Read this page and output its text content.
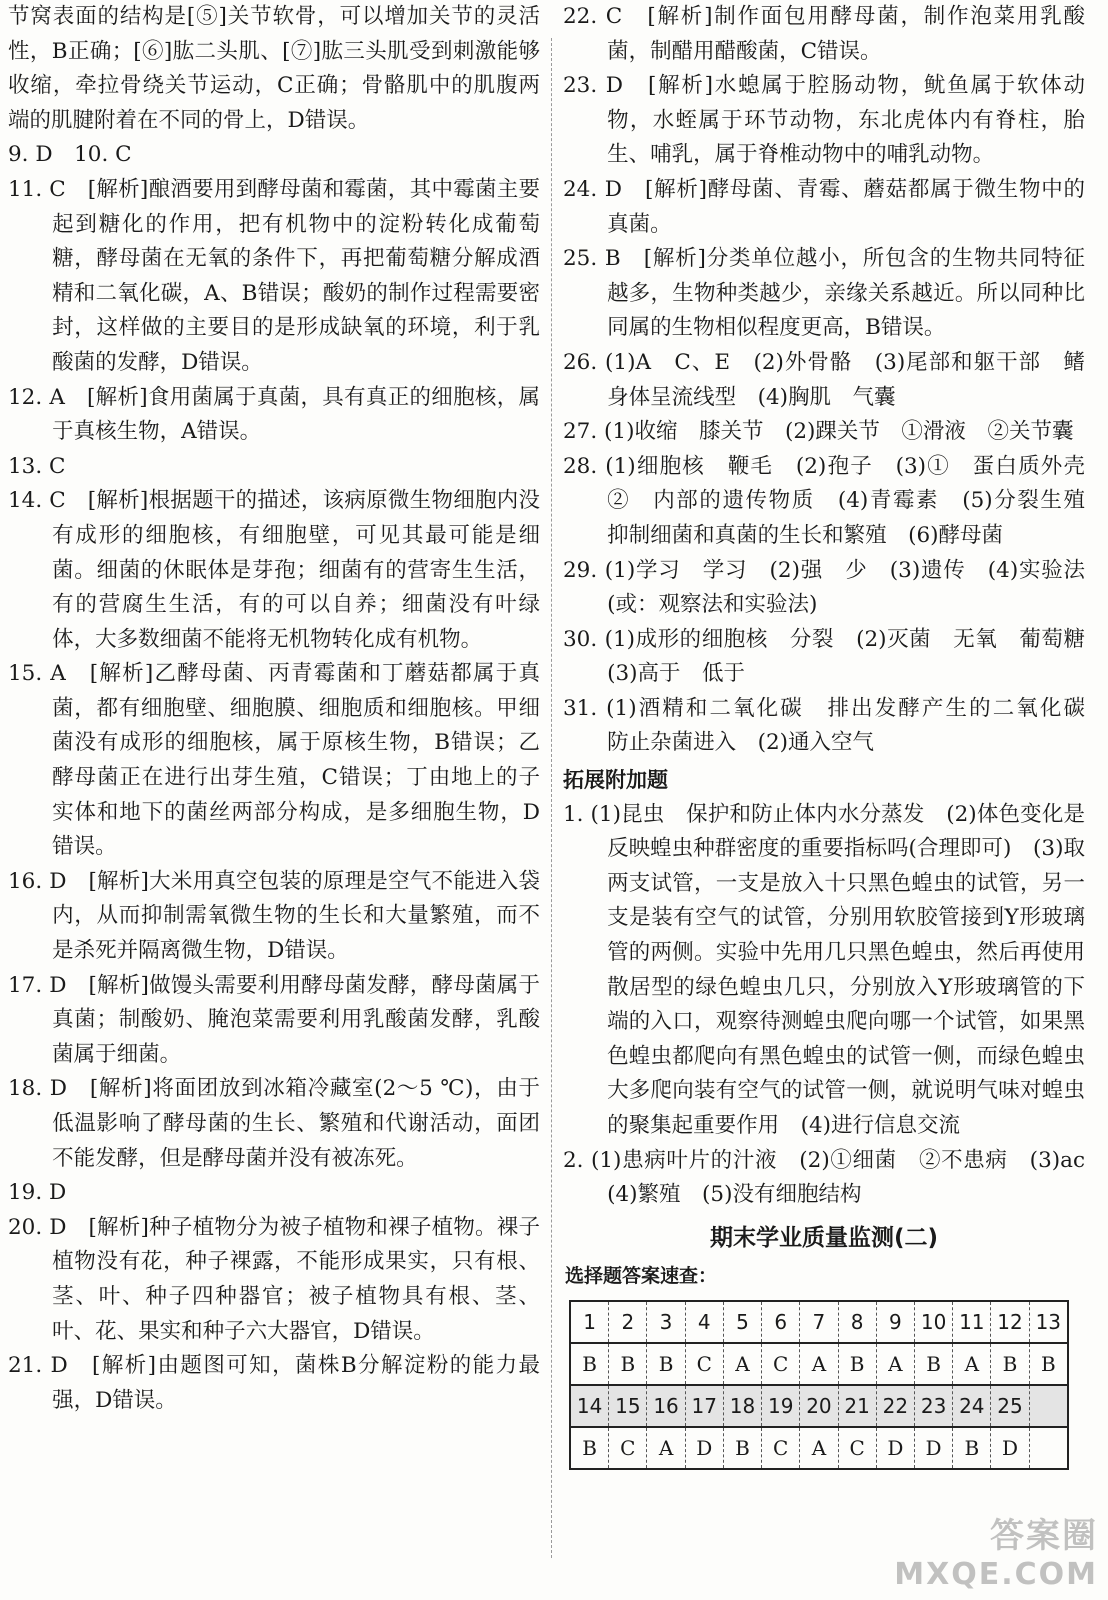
节窝表面的结构是[⑤]关节软骨，可以增加关节的灵活性，B正确；[⑥]肱二头肌、[⑦]肱三头肌受到刺激能够收缩，牵拉骨绕关节运动，C正确；骨骼肌中的肌腹两端的肌腱附着在不同的骨上，D错误。

9. D　10. C

11. C　[解析]酿酒要用到酵母菌和霉菌，其中霉菌主要起到糖化的作用，把有机物中的淀粉转化成葡萄糖，酵母菌在无氧的条件下，再把葡萄糖分解成酒精和二氧化碳，A、B错误；酸奶的制作过程需要密封，这样做的主要目的是形成缺氧的环境，利于乳酸菌的发酵，D错误。

12. A　[解析]食用菌属于真菌，具有真正的细胞核，属于真核生物，A错误。

13. C

14. C　[解析]根据题干的描述，该病原微生物细胞内没有成形的细胞核，有细胞壁，可见其最可能是细菌。细菌的休眠体是芽孢；细菌有的营寄生生活，有的营腐生生活，有的可以自养；细菌没有叶绿体，大多数细菌不能将无机物转化成有机物。

15. A　[解析]乙酵母菌、丙青霉菌和丁蘑菇都属于真菌，都有细胞壁、细胞膜、细胞质和细胞核。甲细菌没有成形的细胞核，属于原核生物，B错误；乙酵母菌正在进行出芽生殖，C错误；丁由地上的子实体和地下的菌丝两部分构成，是多细胞生物，D错误。

16. D　[解析]大米用真空包装的原理是空气不能进入袋内，从而抑制需氧微生物的生长和大量繁殖，而不是杀死并隔离微生物，D错误。

17. D　[解析]做馒头需要利用酵母菌发酵，酵母菌属于真菌；制酸奶、腌泡菜需要利用乳酸菌发酵，乳酸菌属于细菌。

18. D　[解析]将面团放到冰箱冷藏室(2～5 ℃)，由于低温影响了酵母菌的生长、繁殖和代谢活动，面团不能发酵，但是酵母菌并没有被冻死。

19. D

20. D　[解析]种子植物分为被子植物和裸子植物。裸子植物没有花，种子裸露，不能形成果实，只有根、茎、叶、种子四种器官；被子植物具有根、茎、叶、花、果实和种子六大器官，D错误。

21. D　[解析]由题图可知，菌株B分解淀粉的能力最强，D错误。

22. C　[解析]制作面包用酵母菌，制作泡菜用乳酸菌，制醋用醋酸菌，C错误。

23. D　[解析]水螅属于腔肠动物，鱿鱼属于软体动物，水蛭属于环节动物，东北虎体内有脊柱，胎生、哺乳，属于脊椎动物中的哺乳动物。

24. D　[解析]酵母菌、青霉、蘑菇都属于微生物中的真菌。

25. B　[解析]分类单位越小，所包含的生物共同特征越多，生物种类越少，亲缘关系越近。所以同种比同属的生物相似程度更高，B错误。

26. (1)A　C、E　(2)外骨骼　(3)尾部和躯干部　鳍　身体呈流线型　(4)胸肌　气囊

27. (1)收缩　膝关节　(2)踝关节　①滑液　②关节囊

28. (1)细胞核　鞭毛　(2)孢子　(3)①　蛋白质外壳　②　内部的遗传物质　(4)青霉素　(5)分裂生殖　抑制细菌和真菌的生长和繁殖　(6)酵母菌

29. (1)学习　学习　(2)强　少　(3)遗传　(4)实验法(或：观察法和实验法)

30. (1)成形的细胞核　分裂　(2)灭菌　无氧　葡萄糖　(3)高于　低于

31. (1)酒精和二氧化碳　排出发酵产生的二氧化碳　防止杂菌进入　(2)通入空气

拓展附加题

1. (1)昆虫　保护和防止体内水分蒸发　(2)体色变化是反映蝗虫种群密度的重要指标吗(合理即可)　(3)取两支试管，一支是放入十只黑色蝗虫的试管，另一支是装有空气的试管，分别用软胶管接到Y形玻璃管的两侧。实验中先用几只黑色蝗虫，然后再使用散居型的绿色蝗虫几只，分别放入Y形玻璃管的下端的入口，观察待测蝗虫爬向哪一个试管，如果黑色蝗虫都爬向有黑色蝗虫的试管一侧，而绿色蝗虫大多爬向装有空气的试管一侧，就说明气味对蝗虫的聚集起重要作用　(4)进行信息交流

2. (1)患病叶片的汁液　(2)①细菌　②不患病　(3)ac　(4)繁殖　(5)没有细胞结构

期末学业质量监测(二)

选择题答案速查：

1	2	3	4	5	6	7	8	9	10	11	12	13
B	B	B	C	A	C	A	B	A	B	A	B	B
14	15	16	17	18	19	20	21	22	23	24	25	
B	C	A	D	B	C	A	C	D	D	B	D	
答案圈
MXQE.COM
